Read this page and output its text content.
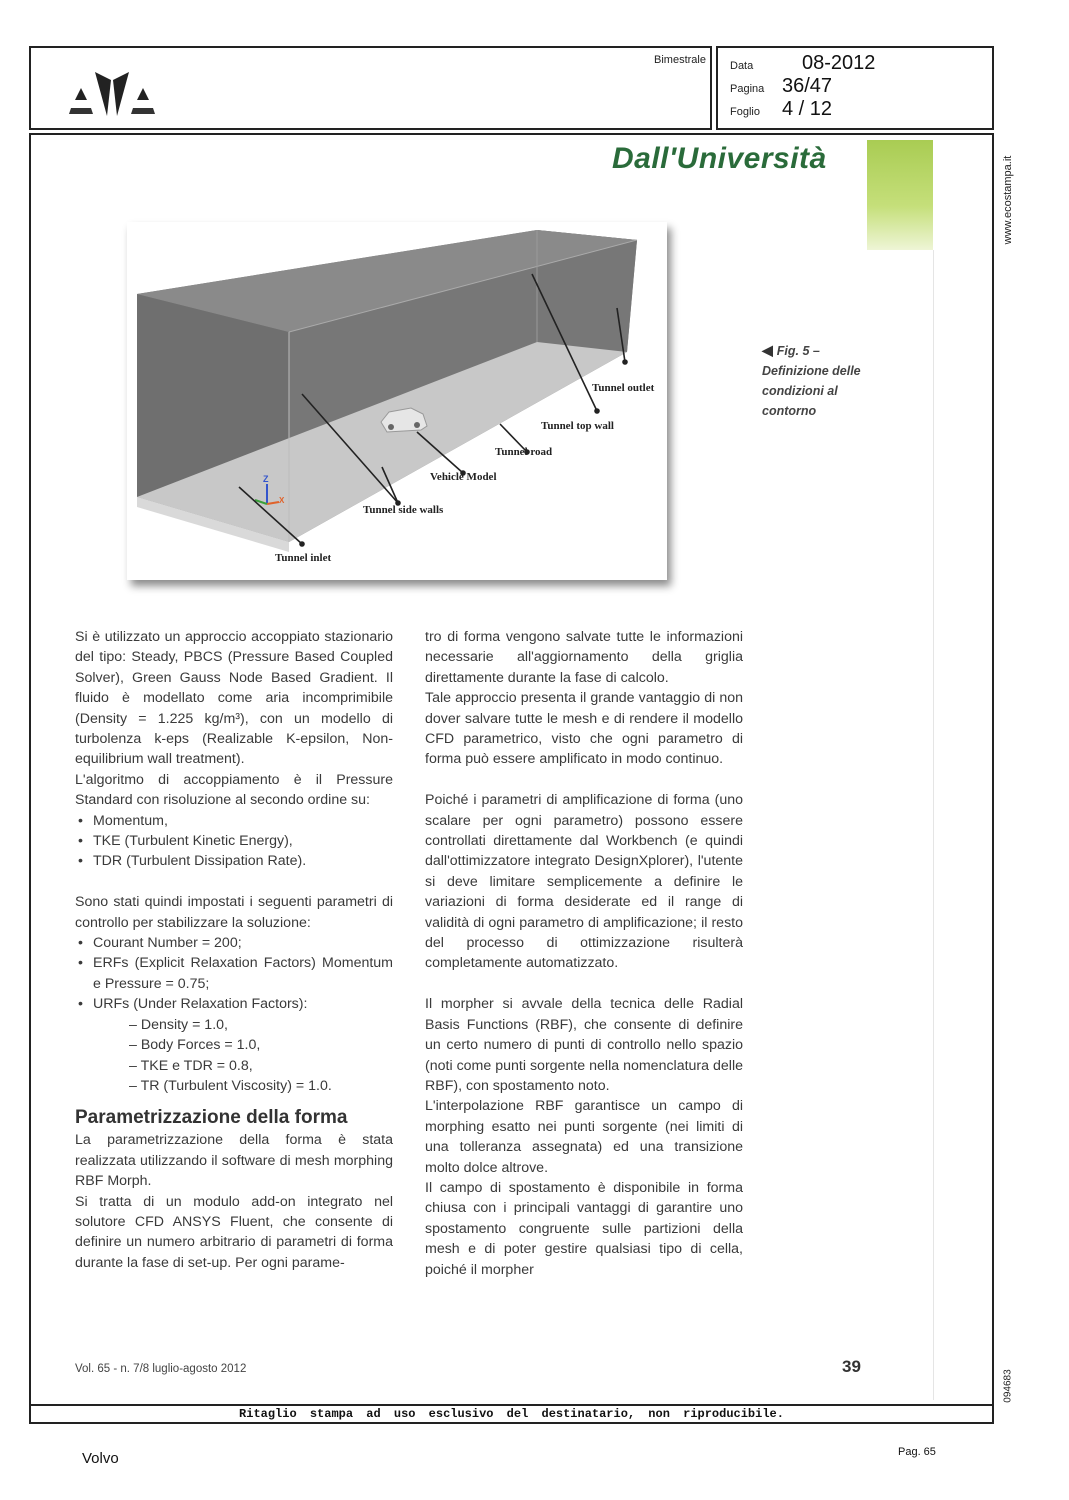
Bimestrale Data	08-2012
Pagina 36/47
Foglio	4 / 12
www.ecostampa.it
094683
Dall'Università
Tunnel outlet
Tunnel top wall
Tunnel road
Vehicle Model
Tunnel side walls
Tunnel inlet
Z
X
◀ Fig. 5 –
Definizione delle
condizioni al
contorno

Si è utilizzato un approccio accoppiato stazionario del tipo: Steady, PBCS (Pressure Based Coupled Solver), Green Gauss Node Based Gradient. Il fluido è modellato come aria incomprimibile (Density = 1.225 kg/m³), con un modello di turbolenza k-eps (Realizable K-epsilon, Non-equilibrium wall treatment).

L'algoritmo di accoppiamento è il Pressure Standard con risoluzione al secondo ordine su:

• Momentum,
• TKE (Turbulent Kinetic Energy),
• TDR (Turbulent Dissipation Rate).

Sono stati quindi impostati i seguenti parametri di controllo per stabilizzare la soluzione:

• Courant Number = 200;
• ERFs (Explicit Relaxation Factors) Momentum e Pressure = 0.75;
• URFs (Under Relaxation Factors):
– Density = 1.0,
– Body Forces = 1.0,
– TKE e TDR = 0.8,
– TR (Turbulent Viscosity) = 1.0.
Parametrizzazione della forma

La parametrizzazione della forma è stata realizzata utilizzando il software di mesh morphing RBF Morph.

Si tratta di un modulo add-on integrato nel solutore CFD ANSYS Fluent, che consente di definire un numero arbitrario di parametri di forma durante la fase di set-up. Per ogni parame-

tro di forma vengono salvate tutte le informazioni necessarie all'aggiornamento della griglia direttamente durante la fase di calcolo.

Tale approccio presenta il grande vantaggio di non dover salvare tutte le mesh e di rendere il modello CFD parametrico, visto che ogni parametro di forma può essere amplificato in modo continuo.

Poiché i parametri di amplificazione di forma (uno scalare per ogni parametro) possono essere controllati direttamente dal Workbench (e quindi dall'ottimizzatore integrato DesignXplorer), l'utente si deve limitare semplicemente a definire le variazioni di forma desiderate ed il range di validità di ogni parametro di amplificazione; il resto del processo di ottimizzazione risulterà completamente automatizzato.

Il morpher si avvale della tecnica delle Radial Basis Functions (RBF), che consente di definire un certo numero di punti di controllo nello spazio (noti come punti sorgente nella nomenclatura delle RBF), con spostamento noto.

L'interpolazione RBF garantisce un campo di morphing esatto nei punti sorgente (nei limiti di una tolleranza assegnata) ed una transizione molto dolce altrove.

Il campo di spostamento è disponibile in forma chiusa con i principali vantaggi di garantire uno spostamento congruente sulle partizioni della mesh e di poter gestire qualsiasi tipo di cella, poiché il morpher

Vol. 65 - n. 7/8 luglio-agosto 2012	39
Ritaglio stampa ad uso esclusivo del destinatario, non riproducibile.
Volvo	Pag. 65
